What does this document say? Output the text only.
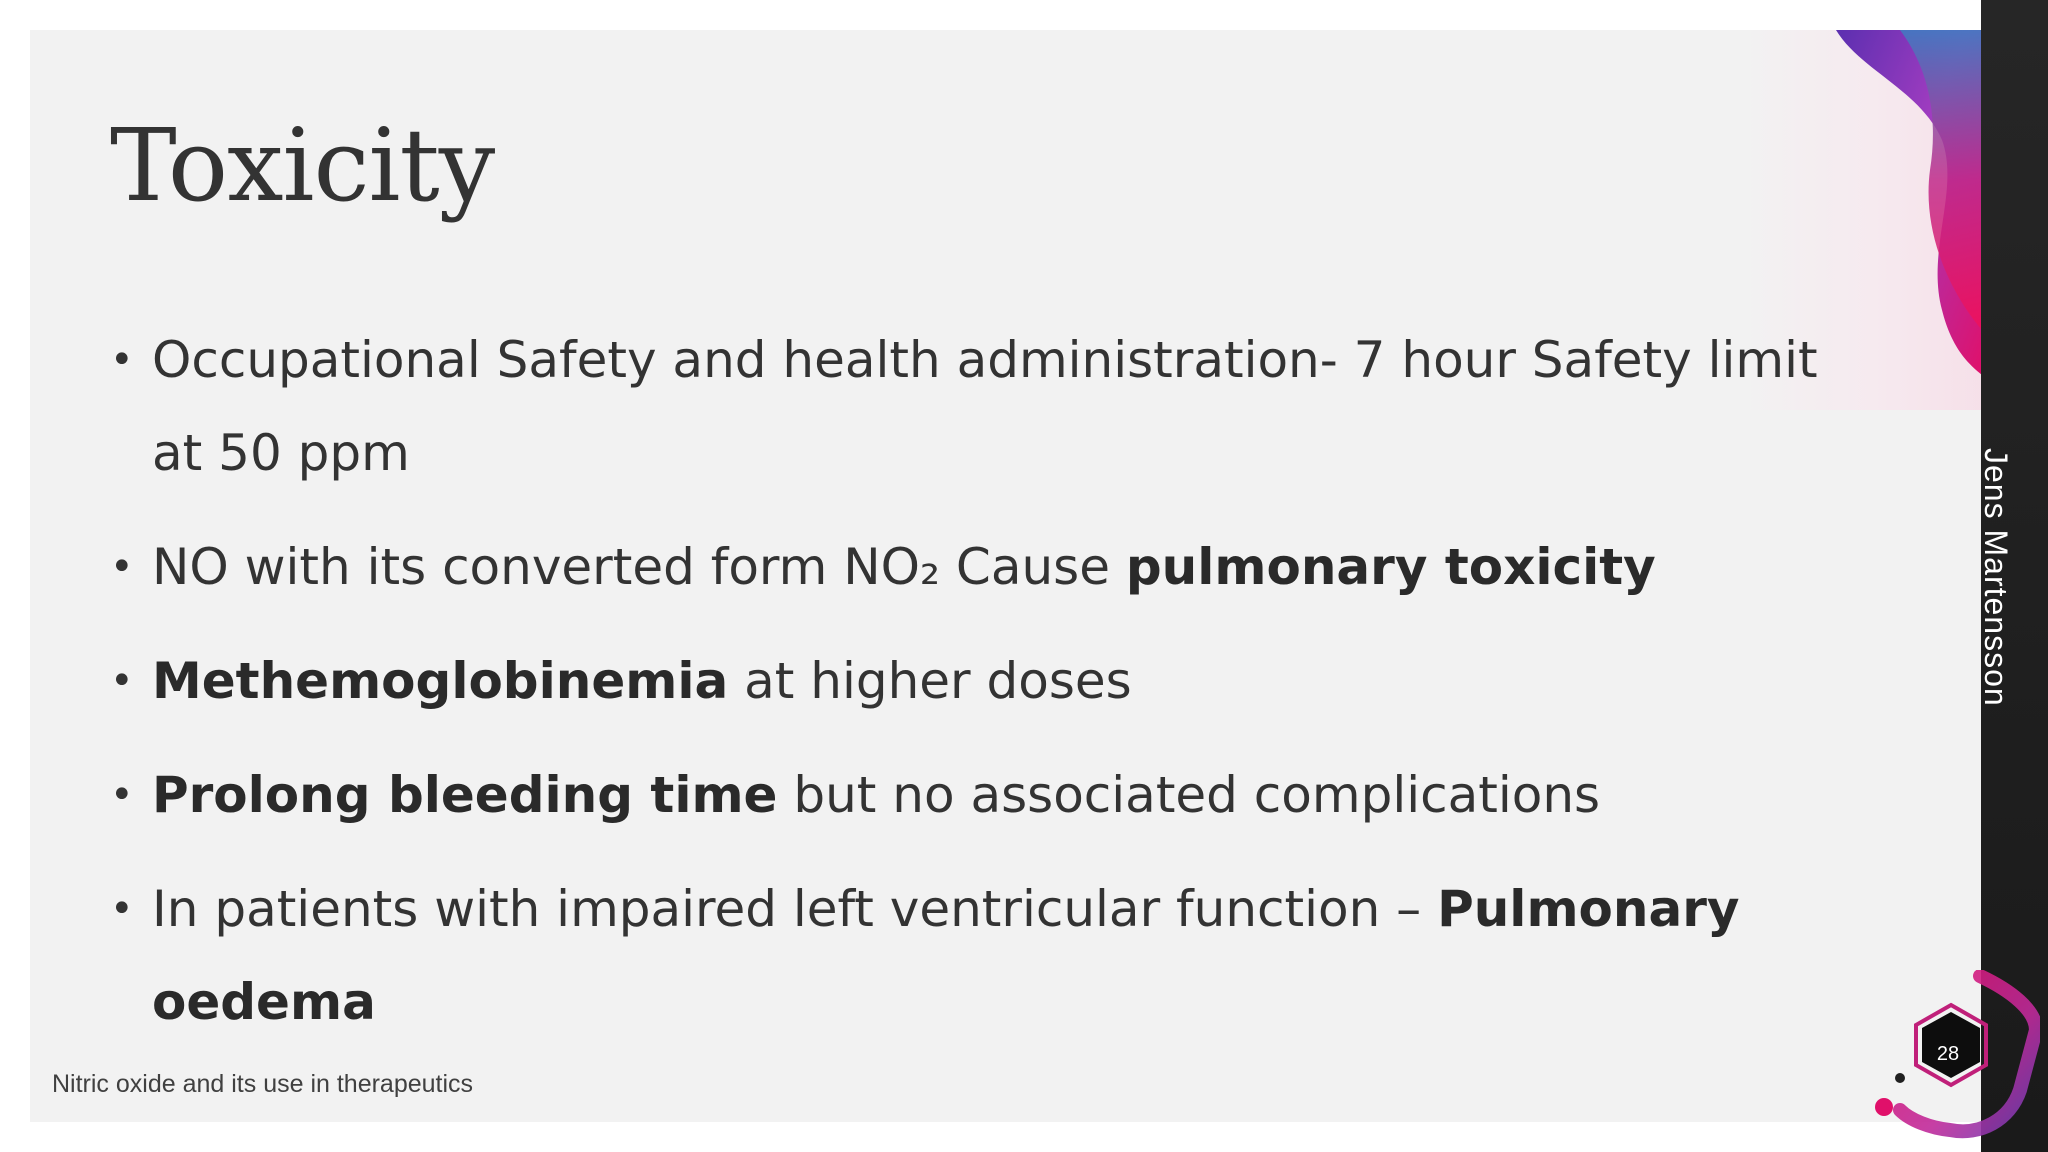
Toxicity
• Occupational Safety and health administration- 7 hour Safety limit at 50 ppm
• NO with its converted form NO₂ Cause pulmonary toxicity
• Methemoglobinemia at higher doses
• Prolong bleeding time but no associated complications
• In patients with impaired left ventricular function – Pulmonary oedema
Nitric oxide and its use in therapeutics
Jens Martensson
28
